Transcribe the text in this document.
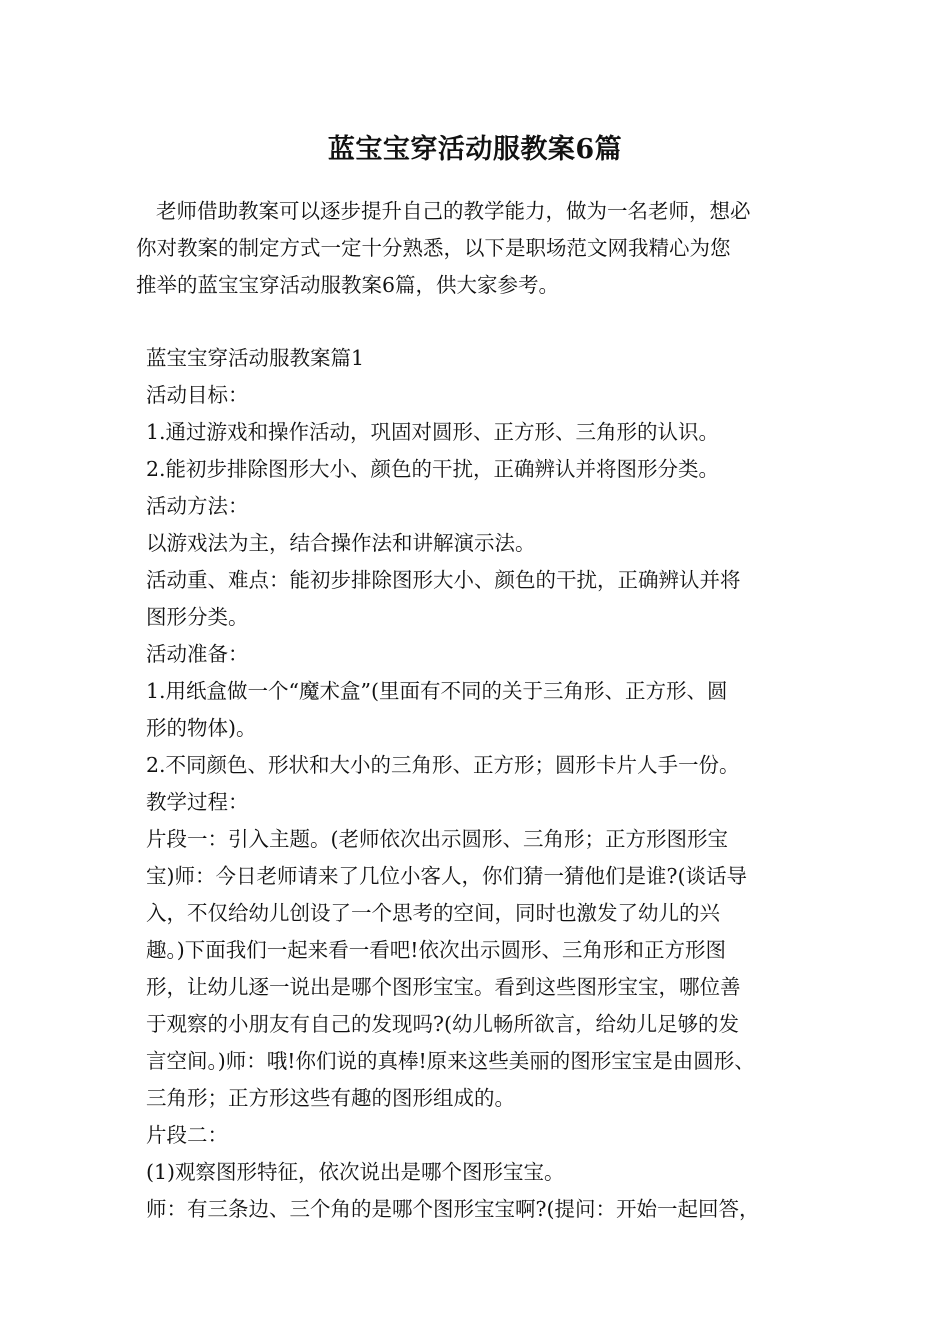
蓝宝宝穿活动服教案6篇
老师借助教案可以逐步提升自己的教学能力，做为一名老师，想必
你对教案的制定方式一定十分熟悉，以下是职场范文网我精心为您
推举的蓝宝宝穿活动服教案6篇，供大家参考。
蓝宝宝穿活动服教案篇1
活动目标：
1.通过游戏和操作活动，巩固对圆形、正方形、三角形的认识。
2.能初步排除图形大小、颜色的干扰，正确辨认并将图形分类。
活动方法：
以游戏法为主，结合操作法和讲解演示法。
活动重、难点：能初步排除图形大小、颜色的干扰，正确辨认并将
图形分类。
活动准备：
1.用纸盒做一个“魔术盒”(里面有不同的关于三角形、正方形、圆
形的物体)。
2.不同颜色、形状和大小的三角形、正方形；圆形卡片人手一份。
教学过程：
片段一：引入主题。(老师依次出示圆形、三角形；正方形图形宝
宝)师：今日老师请来了几位小客人，你们猜一猜他们是谁?(谈话导
入，不仅给幼儿创设了一个思考的空间，同时也激发了幼儿的兴
趣。)下面我们一起来看一看吧!依次出示圆形、三角形和正方形图
形，让幼儿逐一说出是哪个图形宝宝。看到这些图形宝宝，哪位善
于观察的小朋友有自己的发现吗?(幼儿畅所欲言，给幼儿足够的发
言空间。)师：哦!你们说的真棒!原来这些美丽的图形宝宝是由圆形、
三角形；正方形这些有趣的图形组成的。
片段二：
(1)观察图形特征，依次说出是哪个图形宝宝。
师：有三条边、三个角的是哪个图形宝宝啊?(提问：开始一起回答，
